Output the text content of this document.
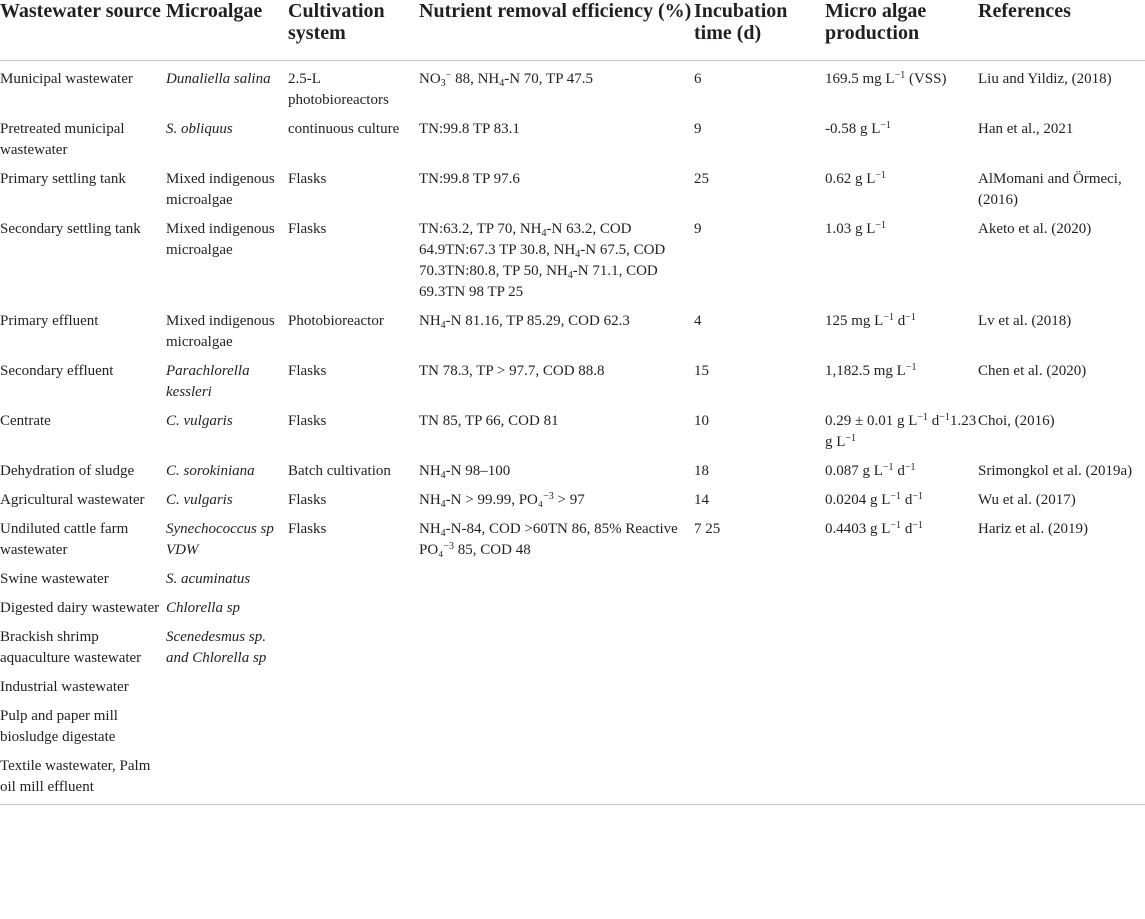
Wastewater source	Microalgae	Cultivation system	Nutrient removal efficiency (%)	Incubation time (d)	Micro algae production	References
Municipal wastewater	Dunaliella salina	2.5-L photobioreactors	$NO_3^-$ 88, $NH_4-N$ 70, TP 47.5	6	169.5 mg $L^{-1}$ (VSS)	Liu and Yildiz, (2018)
Pretreated municipal wastewater	S. obliquus	continuous culture	TN:99.8 TP 83.1	9	-0.58 g $L^{-1}$	Han et al., 2021
Primary settling tank	Mixed indigenous microalgae	Flasks	TN:99.8 TP 97.6	25	0.62 g $L^{-1}$	AlMomani and Örmeci, (2016)
Secondary settling tank	Mixed indigenous microalgae	Flasks	TN:63.2, TP 70, $NH_4-N$ 63.2, COD 64.9TN:67.3 TP 30.8, $NH_4-N$ 67.5, COD 70.3TN:80.8, TP 50, $NH_4-N$ 71.1, COD 69.3TN 98 TP 25	9	1.03 g $L^{-1}$	Aketo et al. (2020)
Primary effluent	Mixed indigenous microalgae	Photobioreactor	$NH_4-N$ 81.16, TP 85.29, COD 62.3	4	125 mg $L^{-1}$ $d^{-1}$	Lv et al. (2018)
Secondary effluent	Parachlorella kessleri	Flasks	TN 78.3, TP > 97.7, COD 88.8	15	1,182.5 mg $L^{-1}$	Chen et al. (2020)
Centrate	C. vulgaris	Flasks	TN 85, TP 66, COD 81	10	0.29 ± 0.01 g $L^{-1}$ $d^{-1}1.23$ g $L^{-1}$	Choi, (2016)
Dehydration of sludge	C. sorokiniana	Batch cultivation	$NH_4-N$ 98–100	18	0.087 g $L^{-1}$ $d^{-1}$	Srimongkol et al. (2019a)
Agricultural wastewater	C. vulgaris	Flasks	$NH_4-N > 99.99$, PO₄$^{-3}$ > 97	14	0.0204 g $L^{-1}$ $d^{-1}$	Wu et al. (2017)
Undiluted cattle farm wastewater	Synechococcus sp VDW	Flasks	$NH_4-N-84$, COD >60TN 86, 85% Reactive PO₄$^{-3}$ 85, COD 48	7 25	0.4403 g $L^{-1}$ $d^{-1}$	Hariz et al. (2019)
Swine wastewater	S. acuminatus					
Digested dairy wastewater	Chlorella sp					
Brackish shrimp aquaculture wastewater	Scenedesmus sp. and Chlorella sp					
Industrial wastewater						
Pulp and paper mill biosludge digestate						
Textile wastewater, Palm oil mill effluent						
